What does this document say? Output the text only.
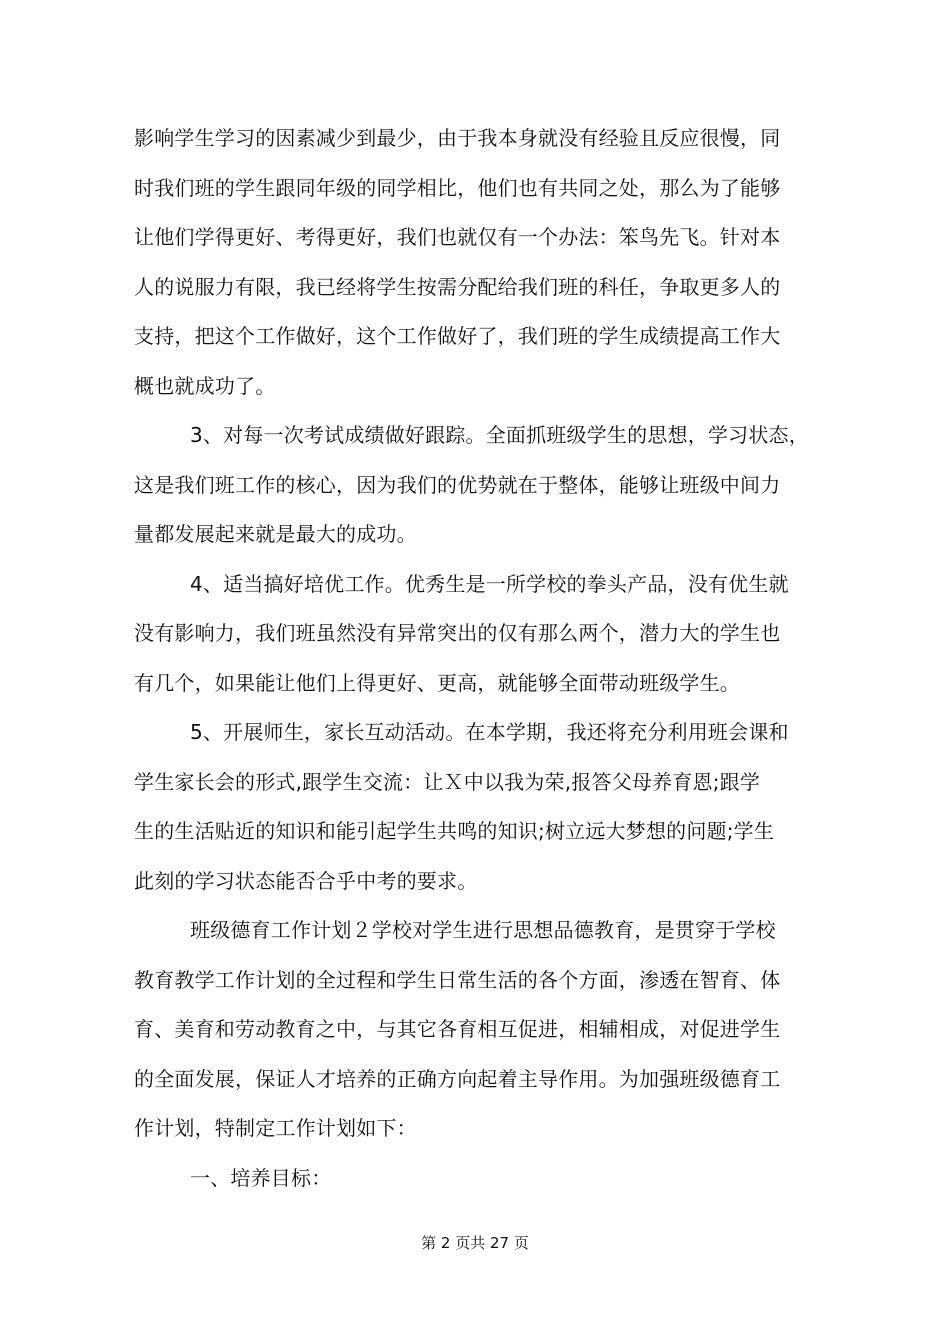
影响学生学习的因素减少到最少，由于我本身就没有经验且反应很慢，同
时我们班的学生跟同年级的同学相比，他们也有共同之处，那么为了能够
让他们学得更好、考得更好，我们也就仅有一个办法：笨鸟先飞。针对本
人的说服力有限，我已经将学生按需分配给我们班的科任，争取更多人的
支持，把这个工作做好，这个工作做好了，我们班的学生成绩提高工作大
概也就成功了。
3、对每一次考试成绩做好跟踪。全面抓班级学生的思想，学习状态，
这是我们班工作的核心，因为我们的优势就在于整体，能够让班级中间力
量都发展起来就是最大的成功。
4、适当搞好培优工作。优秀生是一所学校的拳头产品，没有优生就
没有影响力，我们班虽然没有异常突出的仅有那么两个，潜力大的学生也
有几个，如果能让他们上得更好、更高，就能够全面带动班级学生。
5、开展师生，家长互动活动。在本学期，我还将充分利用班会课和
学生家长会的形式,跟学生交流：让Ｘ中以我为荣,报答父母养育恩;跟学
生的生活贴近的知识和能引起学生共鸣的知识;树立远大梦想的问题;学生
此刻的学习状态能否合乎中考的要求。
班级德育工作计划２学校对学生进行思想品德教育，是贯穿于学校
教育教学工作计划的全过程和学生日常生活的各个方面，渗透在智育、体
育、美育和劳动教育之中，与其它各育相互促进，相辅相成，对促进学生
的全面发展，保证人才培养的正确方向起着主导作用。为加强班级德育工
作计划，特制定工作计划如下：
一、培养目标：
第 2 页共 27 页
